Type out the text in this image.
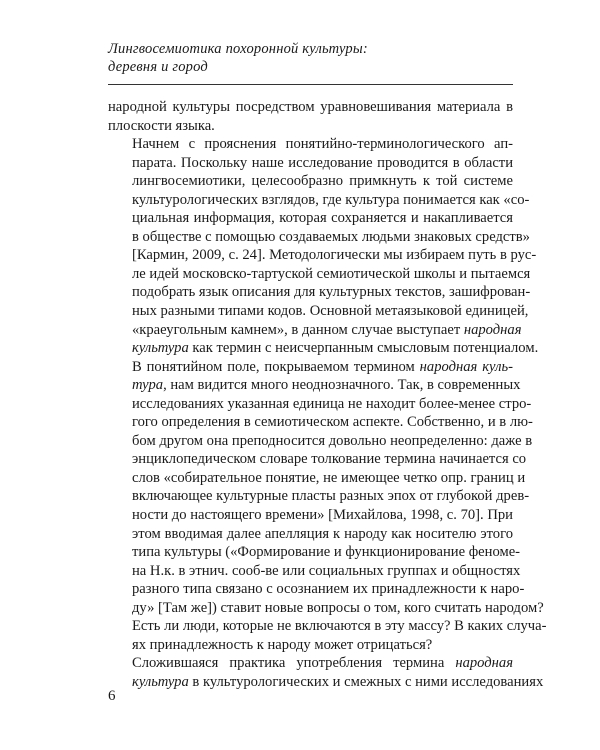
Лингвосемиотика похоронной культуры:
деревня и город

народной культуры посредством уравновешивания материала в
плоскости языка.

Начнем с прояснения понятийно-терминологического ап-
парата. Поскольку наше исследование проводится в области
лингвосемиотики, целесообразно примкнуть к той системе
культурологических взглядов, где культура понимается как «со-
циальная информация, которая сохраняется и накапливается
в обществе с помощью создаваемых людьми знаковых средств»
[Кармин, 2009, с. 24]. Методологически мы избираем путь в рус-
ле идей московско-тартуской семиотической школы и пытаемся
подобрать язык описания для культурных текстов, зашифрован-
ных разными типами кодов. Основной метаязыковой единицей,
«краеугольным камнем», в данном случае выступает народная
культура как термин с неисчерпанным смысловым потенциалом.

В понятийном поле, покрываемом термином народная куль-
тура, нам видится много неоднозначного. Так, в современных
исследованиях указанная единица не находит более-менее стро-
гого определения в семиотическом аспекте. Собственно, и в лю-
бом другом она преподносится довольно неопределенно: даже в
энциклопедическом словаре толкование термина начинается со
слов «собирательное понятие, не имеющее четко опр. границ и
включающее культурные пласты разных эпох от глубокой древ-
ности до настоящего времени» [Михайлова, 1998, с. 70]. При
этом вводимая далее апелляция к народу как носителю этого
типа культуры («Формирование и функционирование феноме-
на Н.к. в этнич. сооб-ве или социальных группах и общностях
разного типа связано с осознанием их принадлежности к наро-
ду» [Там же]) ставит новые вопросы о том, кого считать народом?
Есть ли люди, которые не включаются в эту массу? В каких случа-
ях принадлежность к народу может отрицаться?

Сложившаяся практика употребления термина народная
культура в культурологических и смежных с ними исследованиях

6
